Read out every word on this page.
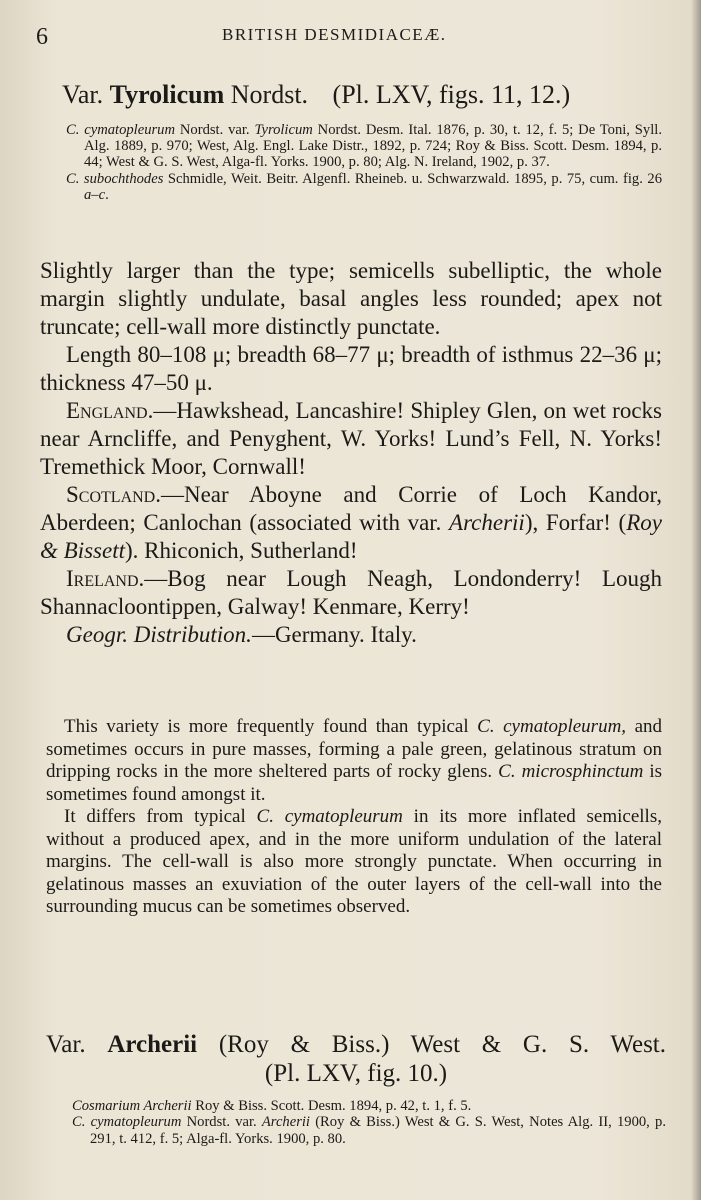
6	BRITISH DESMIDIACEÆ.
Var. Tyrolicum Nordst. (Pl. LXV, figs. 11, 12.)

C. cymatopleurum Nordst. var. Tyrolicum Nordst. Desm. Ital. 1876, p. 30, t. 12, f. 5; De Toni, Syll. Alg. 1889, p. 970; West, Alg. Engl. Lake Distr., 1892, p. 724; Roy & Biss. Scott. Desm. 1894, p. 44; West & G. S. West, Alga-fl. Yorks. 1900, p. 80; Alg. N. Ireland, 1902, p. 37.

C. subochthodes Schmidle, Weit. Beitr. Algenfl. Rheineb. u. Schwarzwald. 1895, p. 75, cum. fig. 26 a–c.

Slightly larger than the type; semicells subelliptic, the whole margin slightly undulate, basal angles less rounded; apex not truncate; cell-wall more distinctly punctate.

Length 80–108 μ; breadth 68–77 μ; breadth of isthmus 22–36 μ; thickness 47–50 μ.

England.—Hawkshead, Lancashire! Shipley Glen, on wet rocks near Arncliffe, and Penyghent, W. Yorks! Lund’s Fell, N. Yorks! Tremethick Moor, Cornwall!

Scotland.—Near Aboyne and Corrie of Loch Kandor, Aberdeen; Canlochan (associated with var. Archerii), Forfar! (Roy & Bissett). Rhiconich, Sutherland!

Ireland.—Bog near Lough Neagh, Londonderry! Lough Shannacloontippen, Galway! Kenmare, Kerry!

Geogr. Distribution.—Germany. Italy.

This variety is more frequently found than typical C. cymatopleurum, and sometimes occurs in pure masses, forming a pale green, gelatinous stratum on dripping rocks in the more sheltered parts of rocky glens. C. microsphinctum is sometimes found amongst it.

It differs from typical C. cymatopleurum in its more inflated semicells, without a produced apex, and in the more uniform undulation of the lateral margins. The cell-wall is also more strongly punctate. When occurring in gelatinous masses an exuviation of the outer layers of the cell-wall into the surrounding mucus can be sometimes observed.

Var. Archerii (Roy & Biss.) West & G. S. West.
(Pl. LXV, fig. 10.)

Cosmarium Archerii Roy & Biss. Scott. Desm. 1894, p. 42, t. 1, f. 5.

C. cymatopleurum Nordst. var. Archerii (Roy & Biss.) West & G. S. West, Notes Alg. II, 1900, p. 291, t. 412, f. 5; Alga-fl. Yorks. 1900, p. 80.
